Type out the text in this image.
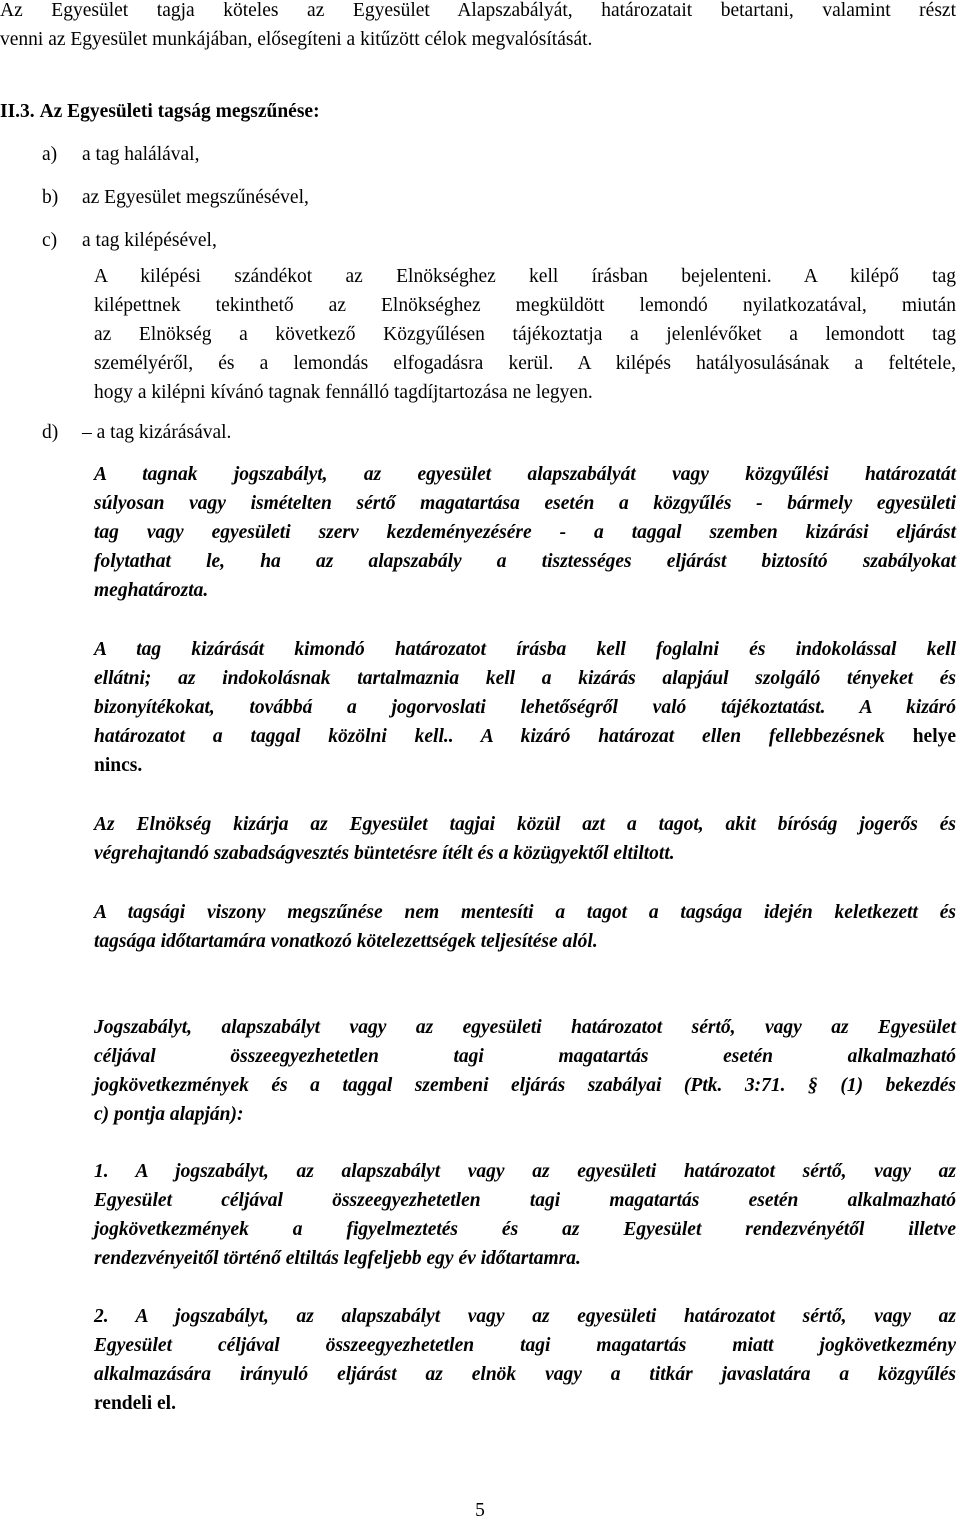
Az Egyesület tagja köteles az Egyesület Alapszabályát, határozatait betartani, valamint részt
venni az Egyesület munkájában, elősegíteni a kitűzött célok megvalósítását.

II.3. Az Egyesületi tagság megszűnése:

a) a tag halálával,
b) az Egyesület megszűnésével,
c) a tag kilépésével,

A kilépési szándékot az Elnökséghez kell írásban bejelenteni. A kilépő tag
kilépettnek tekinthető az Elnökséghez megküldött lemondó nyilatkozatával, miután
az Elnökség a következő Közgyűlésen tájékoztatja a jelenlévőket a lemondott tag
személyéről, és a lemondás elfogadásra kerül. A kilépés hatályosulásának a feltétele,
hogy a kilépni kívánó tagnak fennálló tagdíjtartozása ne legyen.

d) – a tag kizárásával.

A tagnak jogszabályt, az egyesület alapszabályát vagy közgyűlési határozatát
súlyosan vagy ismételten sértő magatartása esetén a közgyűlés - bármely egyesületi
tag vagy egyesületi szerv kezdeményezésére - a taggal szemben kizárási eljárást
folytathat le, ha az alapszabály a tisztességes eljárást biztosító szabályokat
meghatározta.

A tag kizárását kimondó határozatot írásba kell foglalni és indokolással kell
ellátni; az indokolásnak tartalmaznia kell a kizárás alapjául szolgáló tényeket és
bizonyítékokat, továbbá a jogorvoslati lehetőségről való tájékoztatást. A kizáró
határozatot a taggal közölni kell.. A kizáró határozat ellen fellebbezésnek helye
nincs.

Az Elnökség kizárja az Egyesület tagjai közül azt a tagot, akit bíróság jogerős és
végrehajtandó szabadságvesztés büntetésre ítélt és a közügyektől eltiltott.

A tagsági viszony megszűnése nem mentesíti a tagot a tagsága idején keletkezett és
tagsága időtartamára vonatkozó kötelezettségek teljesítése alól.

Jogszabályt, alapszabályt vagy az egyesületi határozatot sértő, vagy az Egyesület
céljával összeegyezhetetlen tagi magatartás esetén alkalmazható
jogkövetkezmények és a taggal szembeni eljárás szabályai (Ptk. 3:71. § (1) bekezdés
c) pontja alapján):

1. A jogszabályt, az alapszabályt vagy az egyesületi határozatot sértő, vagy az
Egyesület céljával összeegyezhetetlen tagi magatartás esetén alkalmazható
jogkövetkezmények a figyelmeztetés és az Egyesület rendezvényétől illetve
rendezvényeitől történő eltiltás legfeljebb egy év időtartamra.

2. A jogszabályt, az alapszabályt vagy az egyesületi határozatot sértő, vagy az
Egyesület céljával összeegyezhetetlen tagi magatartás miatt jogkövetkezmény
alkalmazására irányuló eljárást az elnök vagy a titkár javaslatára a közgyűlés
rendeli el.

5
